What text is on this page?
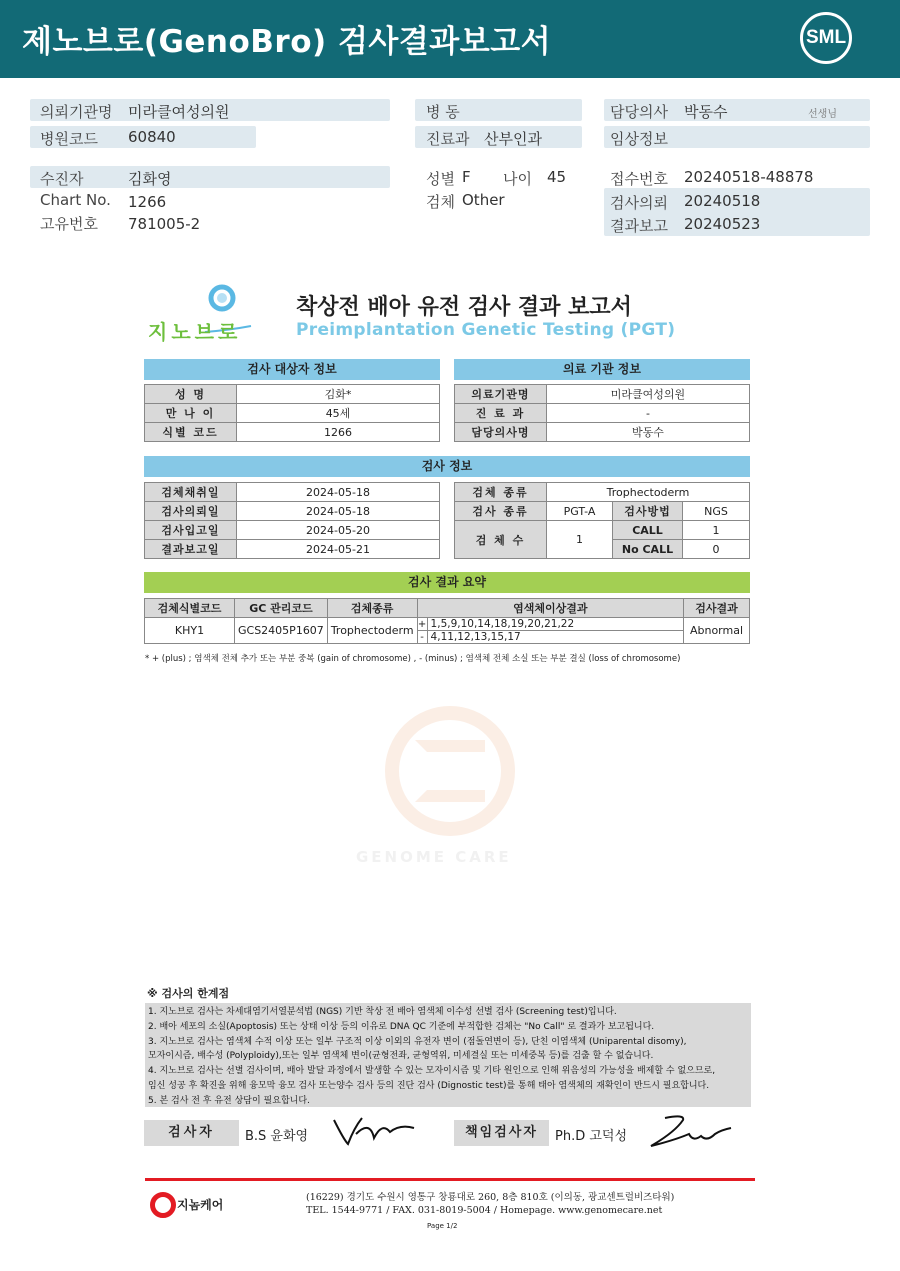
제노브로(GenoBro) 검사결과보고서	SML
의뢰기관명 미라클여성의원
병원코드 60840
수진자	김화영
Chart No. 1266
고유번호 781005-2
병 동
진료과 산부인과
성별 F 나이 45
검체 Other
담당의사 박동수	선생님
임상정보
접수번호 20240518-48878
검사의뢰 20240518
결과보고 20240523
지노브로
착상전 배아 유전 검사 결과 보고서
Preimplantation Genetic Testing (PGT)
검사 대상자 정보
성 명	김화*
만 나 이	45세
식별 코드	1266
의료 기관 정보
의료기관명	미라클여성의원
진 료 과	-
담당의사명	박동수
검사 정보
검체채취일	2024-05-18
검사의뢰일	2024-05-18
검사입고일	2024-05-20
결과보고일	2024-05-21
검체 종류	Trophectoderm		
검사 종류	PGT-A	검사방법	NGS
검 체 수	1	CALL	1
		No CALL	0
검사 결과 요약
검체식별코드	GC 관리코드	검체종류	염색체이상결과		검사결과
KHY1	GCS2405P1607	Trophectoderm	+	1,5,9,10,14,18,19,20,21,22	Abnormal
			-	4,11,12,13,15,17	
* + (plus) ; 염색체 전체 추가 또는 부분 중복 (gain of chromosome) , - (minus) ; 염색체 전체 소실 또는 부분 결실 (loss of chromosome)
GENOME CARE
※ 검사의 한계점
1. 지노브로 검사는 차세대염기서열분석법 (NGS) 기반 착상 전 배아 염색체 이수성 선별 검사 (Screening test)입니다.
2. 배아 세포의 소실(Apoptosis) 또는 상태 이상 등의 이유로 DNA QC 기준에 부적합한 검체는 "No Call" 로 결과가 보고됩니다.
3. 지노브로 검사는 염색체 수적 이상 또는 일부 구조적 이상 이외의 유전자 변이 (점돌연변이 등), 단친 이염색체 (Uniparental disomy),
모자이시즘, 배수성 (Polyploidy),또는 일부 염색체 변이(균형전좌, 균형역위, 미세결실 또는 미세중복 등)를 검출 할 수 없습니다.
4. 지노브로 검사는 선별 검사이며, 배아 발달 과정에서 발생할 수 있는 모자이시즘 및 기타 원인으로 인해 위음성의 가능성을 배제할 수 없으므로,
임신 성공 후 확진을 위해 융모막 융모 검사 또는양수 검사 등의 진단 검사 (Dignostic test)를 통해 태아 염색체의 재확인이 반드시 필요합니다.
5. 본 검사 전 후 유전 상담이 필요합니다.
검사자	B.S 윤화영	책임검사자	Ph.D 고덕성
지놈케어
(16229) 경기도 수원시 영통구 창룡대로 260, 8층 810호 (이의동, 광교센트럴비즈타워)
TEL. 1544-9771 / FAX. 031-8019-5004 / Homepage. www.genomecare.net
Page 1/2
